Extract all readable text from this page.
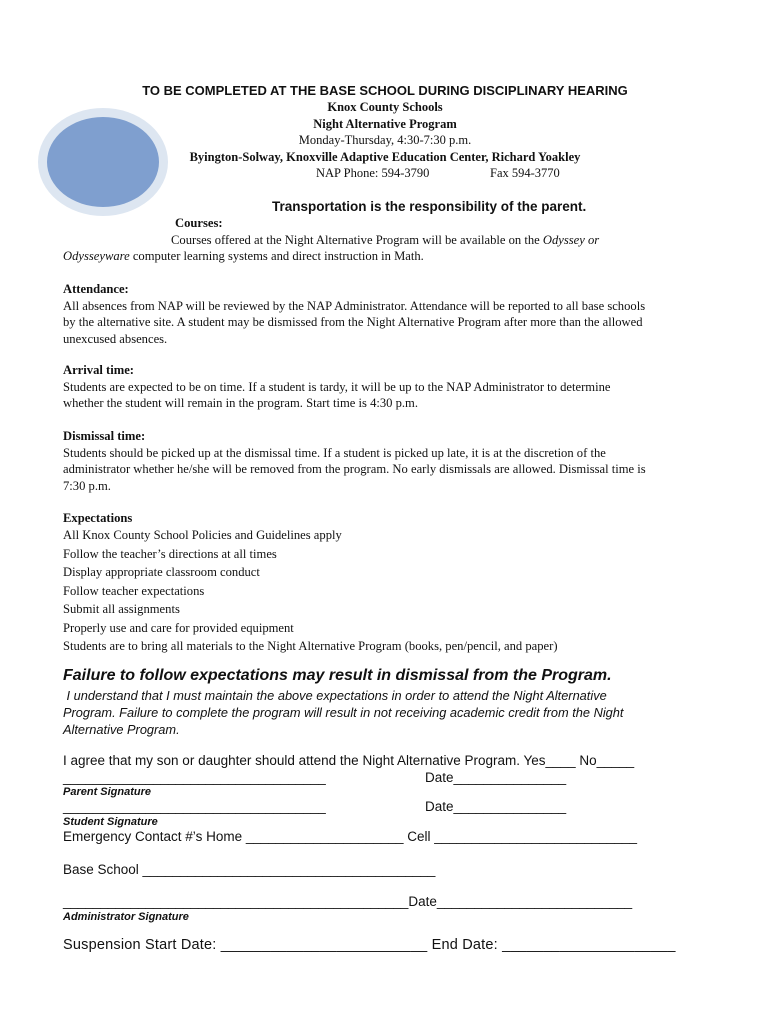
TO BE COMPLETED AT THE BASE SCHOOL DURING DISCIPLINARY HEARING
Knox County Schools
Night Alternative Program
Monday-Thursday, 4:30-7:30 p.m.
Byington-Solway, Knoxville Adaptive Education Center, Richard Yoakley
NAP Phone: 594-3790	Fax 594-3770
Transportation is the responsibility of the parent.
Courses:
Courses offered at the Night Alternative Program will be available on the Odyssey or
Odysseyware computer learning systems and direct instruction in Math.
Attendance:
All absences from NAP will be reviewed by the NAP Administrator. Attendance will be reported to all base schools
by the alternative site. A student may be dismissed from the Night Alternative Program after more than the allowed
unexcused absences.
Arrival time:
Students are expected to be on time. If a student is tardy, it will be up to the NAP Administrator to determine
whether the student will remain in the program. Start time is 4:30 p.m.
Dismissal time:
Students should be picked up at the dismissal time. If a student is picked up late, it is at the discretion of the
administrator whether he/she will be removed from the program. No early dismissals are allowed. Dismissal time is
7:30 p.m.
Expectations
All Knox County School Policies and Guidelines apply
Follow the teacher’s directions at all times
Display appropriate classroom conduct
Follow teacher expectations
Submit all assignments
Properly use and care for provided equipment
Students are to bring all materials to the Night Alternative Program (books, pen/pencil, and paper)
Failure to follow expectations may result in dismissal from the Program.
I understand that I must maintain the above expectations in order to attend the Night Alternative
Program. Failure to complete the program will result in not receiving academic credit from the Night
Alternative Program.
I agree that my son or daughter should attend the Night Alternative Program. Yes____ No_____
___________________________________	Date_______________
Parent Signature
___________________________________	Date_______________
Student Signature
Emergency Contact #’s Home _____________________ Cell ___________________________
Base School _______________________________________
______________________________________________Date__________________________
Administrator Signature
Suspension Start Date: _________________________ End Date: _____________________
